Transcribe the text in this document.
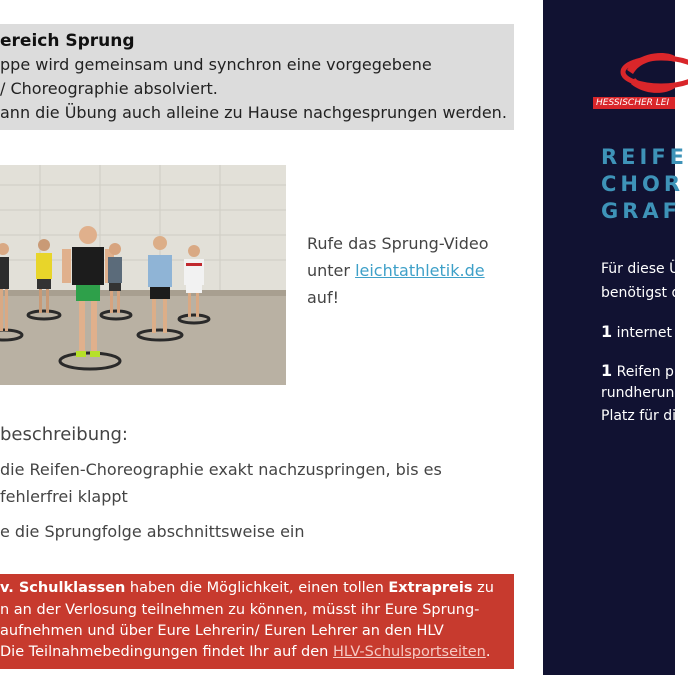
ereich Sprung
ppe wird gemeinsam und synchron eine vorgegebene
/ Choreographie absolviert.
ann die Übung auch alleine zu Hause nachgesprungen werden.
Rufe das Sprung-Video
unter leichtathletik.de
auf!
beschreibung:
die Reifen-Choreographie exakt nachzuspringen, bis es
fehlerfrei klappt
e die Sprungfolge abschnittsweise ein
v. Schulklassen haben die Möglichkeit, einen tollen Extrapreis zu
n an der Verlosung teilnehmen zu können, müsst ihr Eure Sprung-
aufnehmen und über Eure Lehrerin/ Euren Lehrer an den HLV
Die Teilnahmebedingungen findet Ihr auf den HLV-Schulsportseiten.
HESSISCHER LEI
REIFE
CHOR
GRAF
Für diese Ü
benötigst d
1 internet
1 Reifen p
rundherun
Platz für di
